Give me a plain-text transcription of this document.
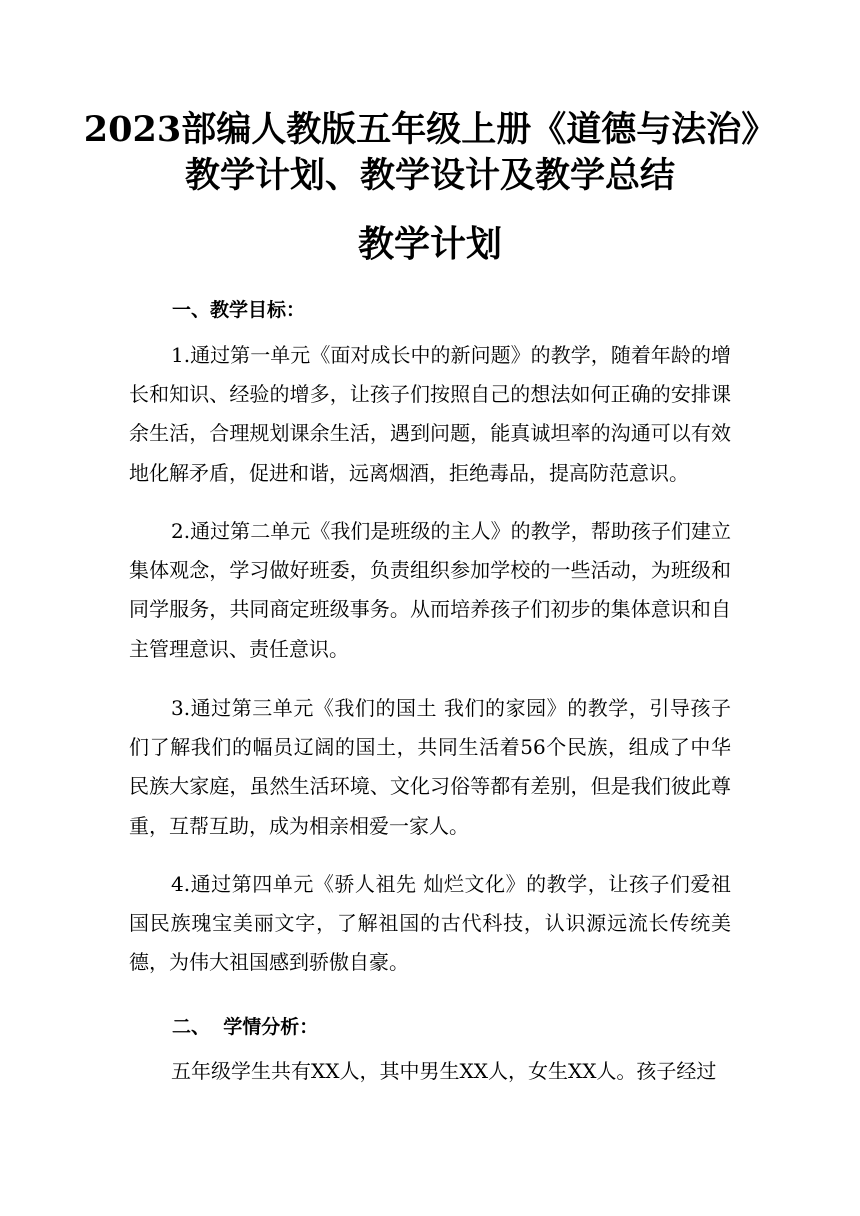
2023部编人教版五年级上册《道德与法治》
教学计划、教学设计及教学总结
教学计划
一、教学目标：

1.通过第一单元《面对成长中的新问题》的教学，随着年龄的增长和知识、经验的增多，让孩子们按照自己的想法如何正确的安排课余生活，合理规划课余生活，遇到问题，能真诚坦率的沟通可以有效地化解矛盾，促进和谐，远离烟酒，拒绝毒品，提高防范意识。

2.通过第二单元《我们是班级的主人》的教学，帮助孩子们建立集体观念，学习做好班委，负责组织参加学校的一些活动，为班级和同学服务，共同商定班级事务。从而培养孩子们初步的集体意识和自主管理意识、责任意识。

3.通过第三单元《我们的国土 我们的家园》的教学，引导孩子们了解我们的幅员辽阔的国土，共同生活着56个民族，组成了中华民族大家庭，虽然生活环境、文化习俗等都有差别，但是我们彼此尊重，互帮互助，成为相亲相爱一家人。

4.通过第四单元《骄人祖先 灿烂文化》的教学，让孩子们爱祖国民族瑰宝美丽文字，了解祖国的古代科技，认识源远流长传统美德，为伟大祖国感到骄傲自豪。

二、  学情分析：

五年级学生共有XX人，其中男生XX人，女生XX人。孩子经过
